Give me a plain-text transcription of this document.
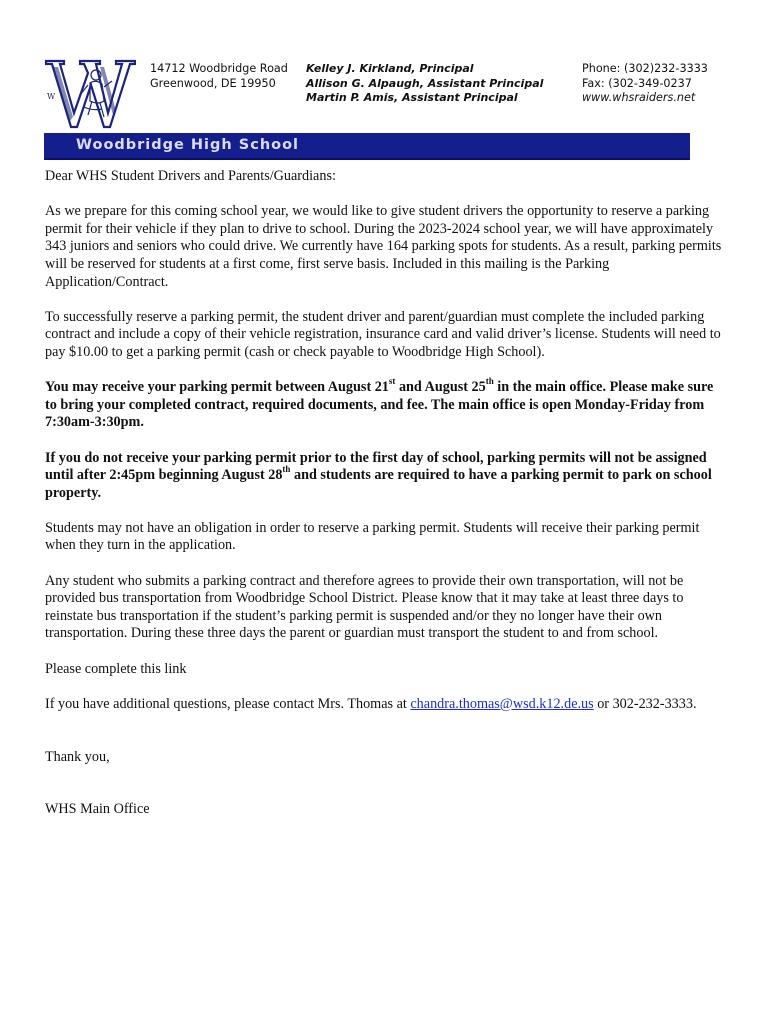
W
14712 Woodbridge Road
Greenwood, DE 19950
Kelley J. Kirkland, Principal
Allison G. Alpaugh, Assistant Principal
Martin P. Amis, Assistant Principal
Phone: (302)232-3333
Fax: (302-349-0237
www.whsraiders.net
Woodbridge High School

Dear WHS Student Drivers and Parents/Guardians:

As we prepare for this coming school year, we would like to give student drivers the opportunity to reserve a parking permit for their vehicle if they plan to drive to school. During the 2023-2024 school year, we will have approximately 343 juniors and seniors who could drive. We currently have 164 parking spots for students. As a result, parking permits will be reserved for students at a first come, first serve basis. Included in this mailing is the Parking Application/Contract.

To successfully reserve a parking permit, the student driver and parent/guardian must complete the included parking contract and include a copy of their vehicle registration, insurance card and valid driver’s license. Students will need to pay $10.00 to get a parking permit (cash or check payable to Woodbridge High School).

You may receive your parking permit between August 21st and August 25th in the main office. Please make sure to bring your completed contract, required documents, and fee. The main office is open Monday-Friday from 7:30am-3:30pm.

If you do not receive your parking permit prior to the first day of school, parking permits will not be assigned until after 2:45pm beginning August 28th and students are required to have a parking permit to park on school property.

Students may not have an obligation in order to reserve a parking permit. Students will receive their parking permit when they turn in the application.

Any student who submits a parking contract and therefore agrees to provide their own transportation, will not be provided bus transportation from Woodbridge School District. Please know that it may take at least three days to reinstate bus transportation if the student’s parking permit is suspended and/or they no longer have their own transportation. During these three days the parent or guardian must transport the student to and from school.

Please complete this link

If you have additional questions, please contact Mrs. Thomas at chandra.thomas@wsd.k12.de.us or 302-232-3333.

Thank you,

WHS Main Office
